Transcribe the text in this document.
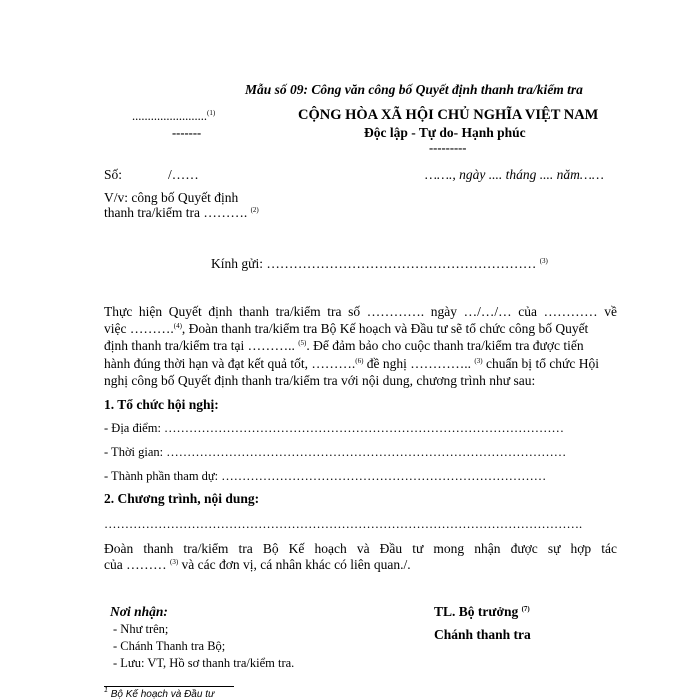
Mẫu số 09: Công văn công bố Quyết định thanh tra/kiểm tra
........................$^{(1)}$
-------
CỘNG HÒA XÃ HỘI CHỦ NGHĨA VIỆT NAM
Độc lập - Tự do- Hạnh phúc
---------
Số:	/……	……., ngày .... tháng .... năm……
V/v: công bố Quyết định
thanh tra/kiểm tra ………. $^{(2)}$
Kính gửi: …………………………………………………… $^{(3)}$
Thực hiện Quyết định thanh tra/kiểm tra số …………. ngày …/…/… của ………… về
việc ……….$^{(4)}$, Đoàn thanh tra/kiểm tra Bộ Kế hoạch và Đầu tư sẽ tổ chức công bố Quyết
định thanh tra/kiểm tra tại ……….. $^{(5)}$. Để đảm bảo cho cuộc thanh tra/kiểm tra được tiến
hành đúng thời hạn và đạt kết quả tốt, ……….$^{(6)}$ đề nghị ………….. $^{(3)}$ chuẩn bị tổ chức Hội
nghị công bố Quyết định thanh tra/kiểm tra với nội dung, chương trình như sau:
1. Tổ chức hội nghị:
- Địa điểm: ……………………………………………………………………………………
- Thời gian: ……………………………………………………………………………………
- Thành phần tham dự: ……………………………………………………………………
2. Chương trình, nội dung:
…………………………………………………………………………………………………….
Đoàn thanh tra/kiểm tra Bộ Kế hoạch và Đầu tư mong nhận được sự hợp tác
của ……… $^{(3)}$ và các đơn vị, cá nhân khác có liên quan./.
Nơi nhận:
- Như trên;
- Chánh Thanh tra Bộ;
- Lưu: VT, Hồ sơ thanh tra/kiểm tra.
TL. Bộ trưởng $^{(7)}$
Chánh thanh tra
$^1$ Bộ Kế hoạch và Đầu tư
